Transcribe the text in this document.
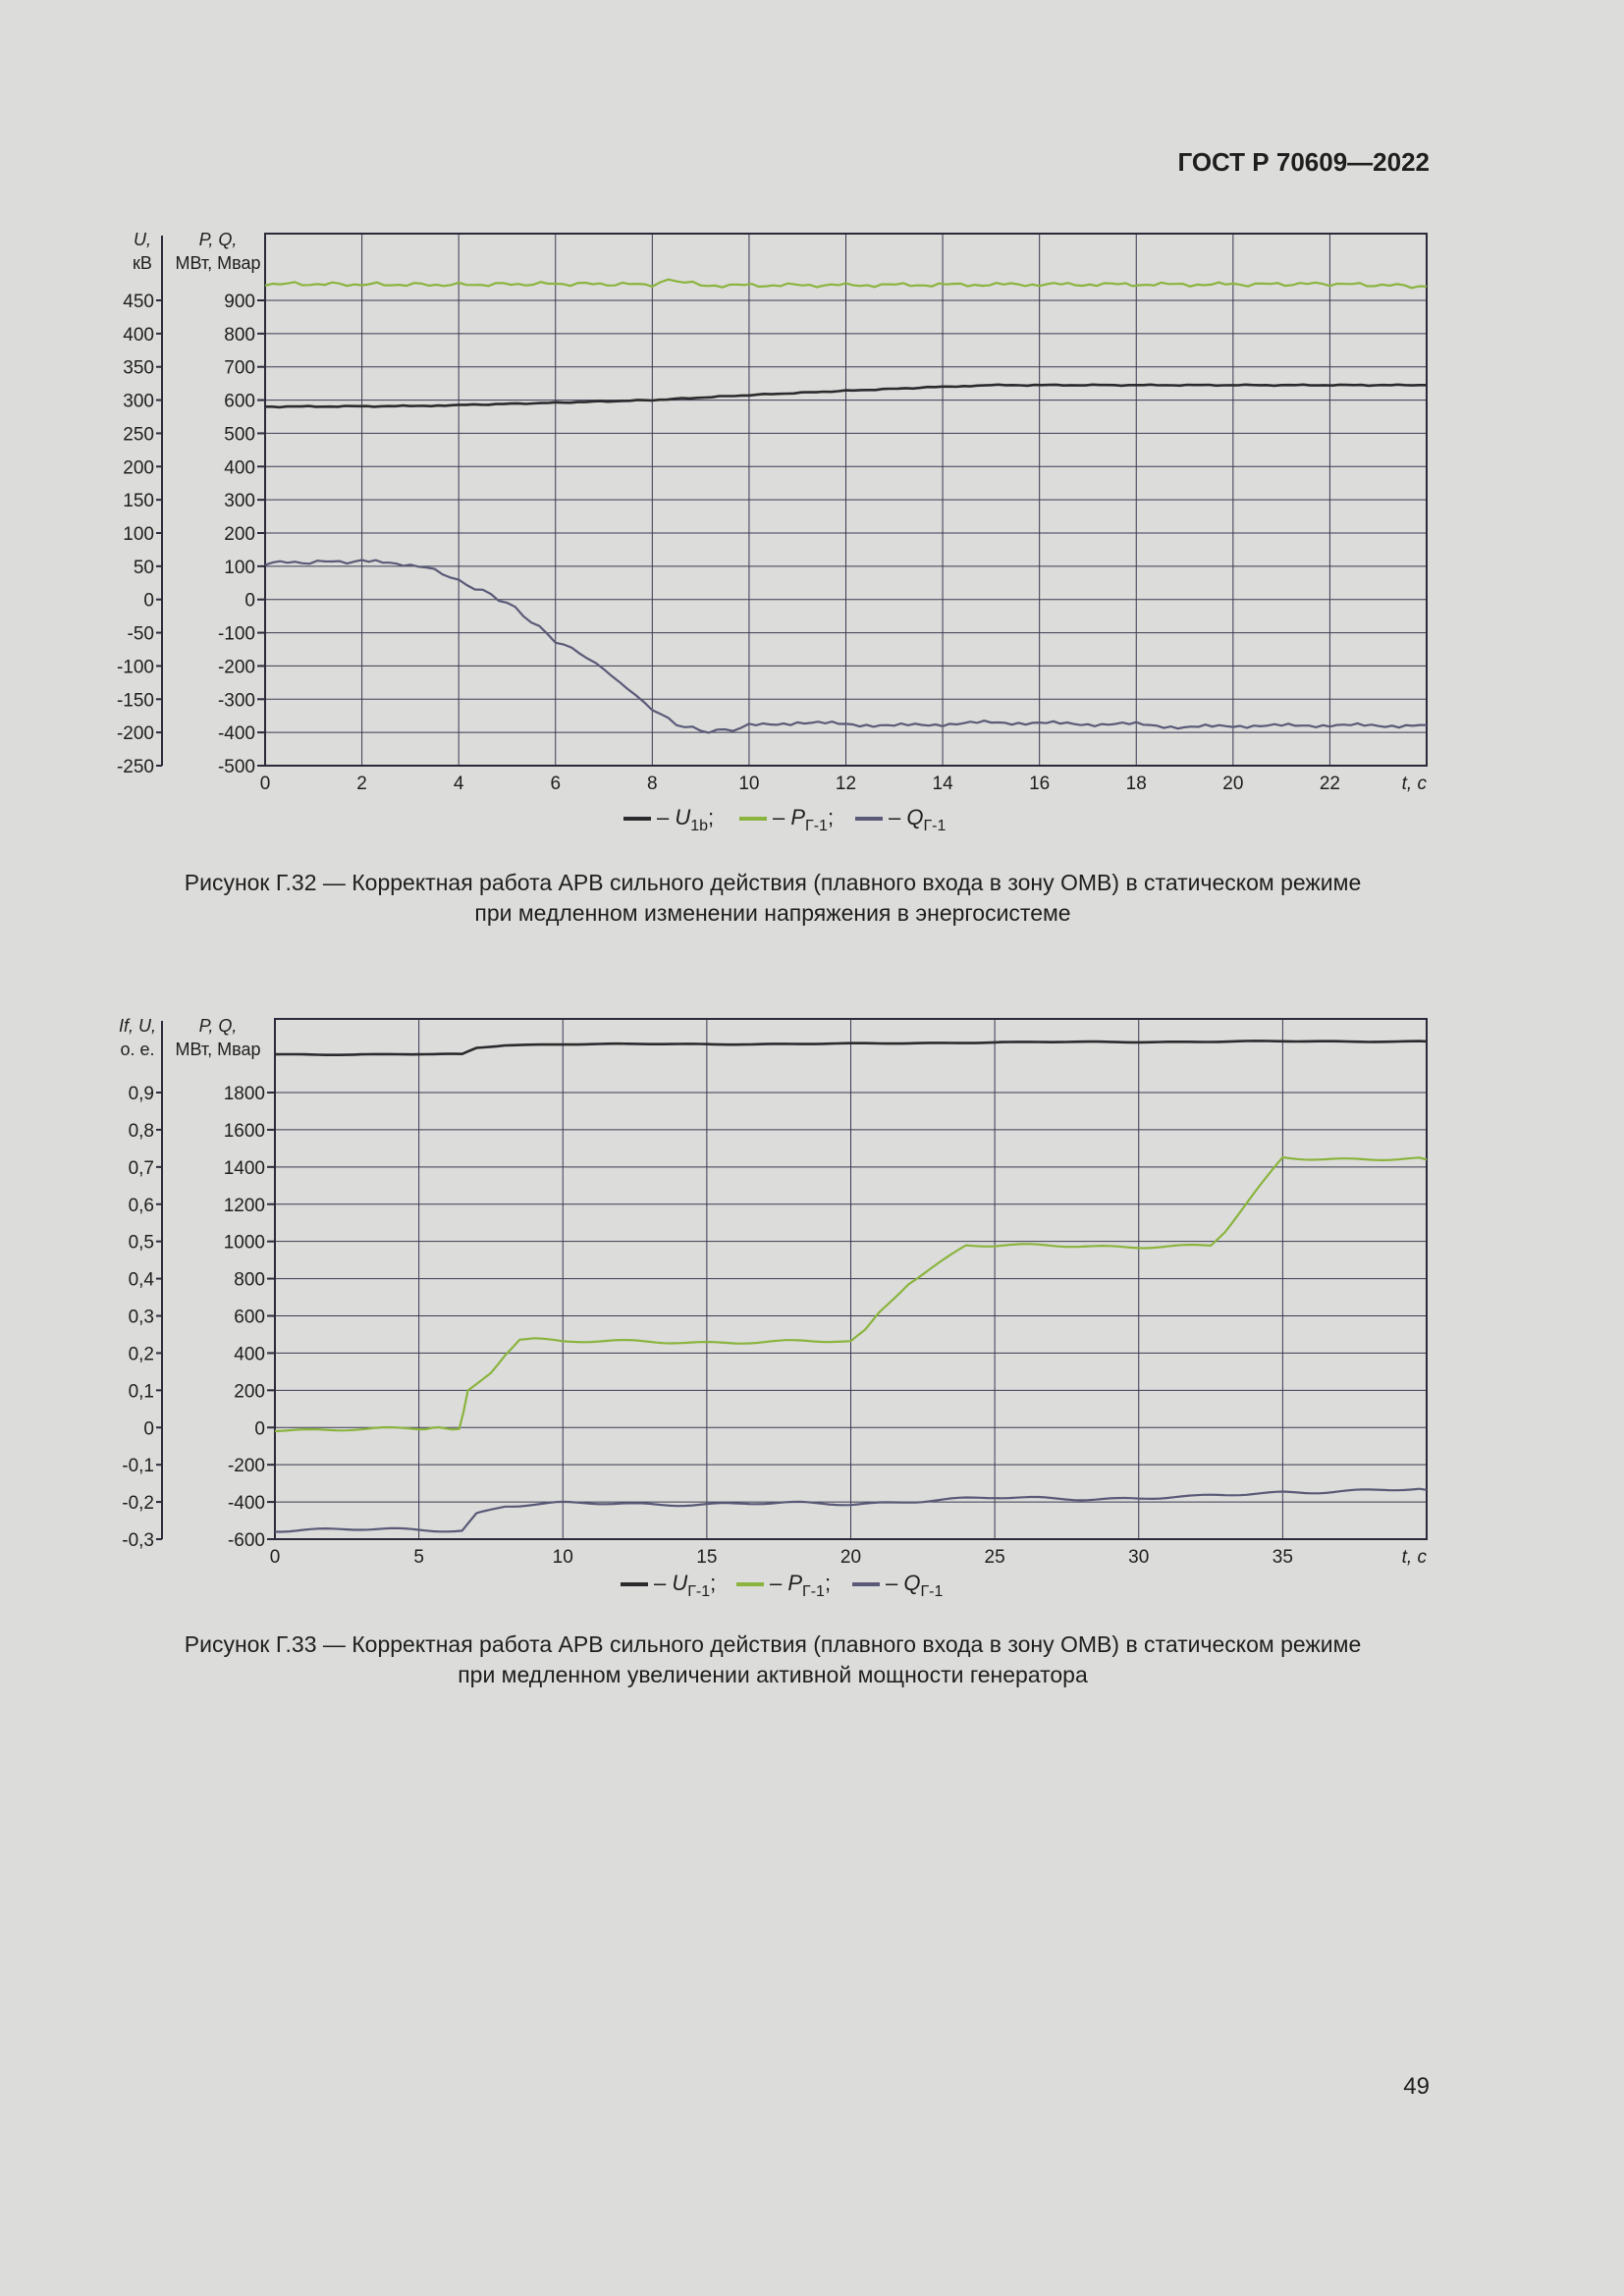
ГОСТ Р 70609—2022
450
400
350
300
250
200
150
100
50
0
-50
-100
-150
-200
-250
900
800
700
600
500
400
300
200
100
0
-100
-200
-300
-400
-500
U,
кВ
P, Q,
МВт, Мвар
0	2	4	6	8	10	12	14	16	18	20	22	t, c
– $U_{1b}$;	– $P_{Г-1}$;	– $Q_{Г-1}$
Рисунок Г.32 — Корректная работа АРВ сильного действия (плавного входа в зону ОМВ) в статическом режиме
при медленном изменении напряжения в энергосистеме
0,9
0,8
0,7
0,6
0,5
0,4
0,3
0,2
0,1
0
-0,1
-0,2
-0,3
1800
1600
1400
1200
1000
800
600
400
200
0
-200
-400
-600
If, U,
о. е.
P, Q,
МВт, Мвар
0	5	10	15	20	25	30	35	t, c
– $U_{Г-1}$; – $P_{Г-1}$;	– $Q_{Г-1}$
Рисунок Г.33 — Корректная работа АРВ сильного действия (плавного входа в зону ОМВ) в статическом режиме
при медленном увеличении активной мощности генератора
49
